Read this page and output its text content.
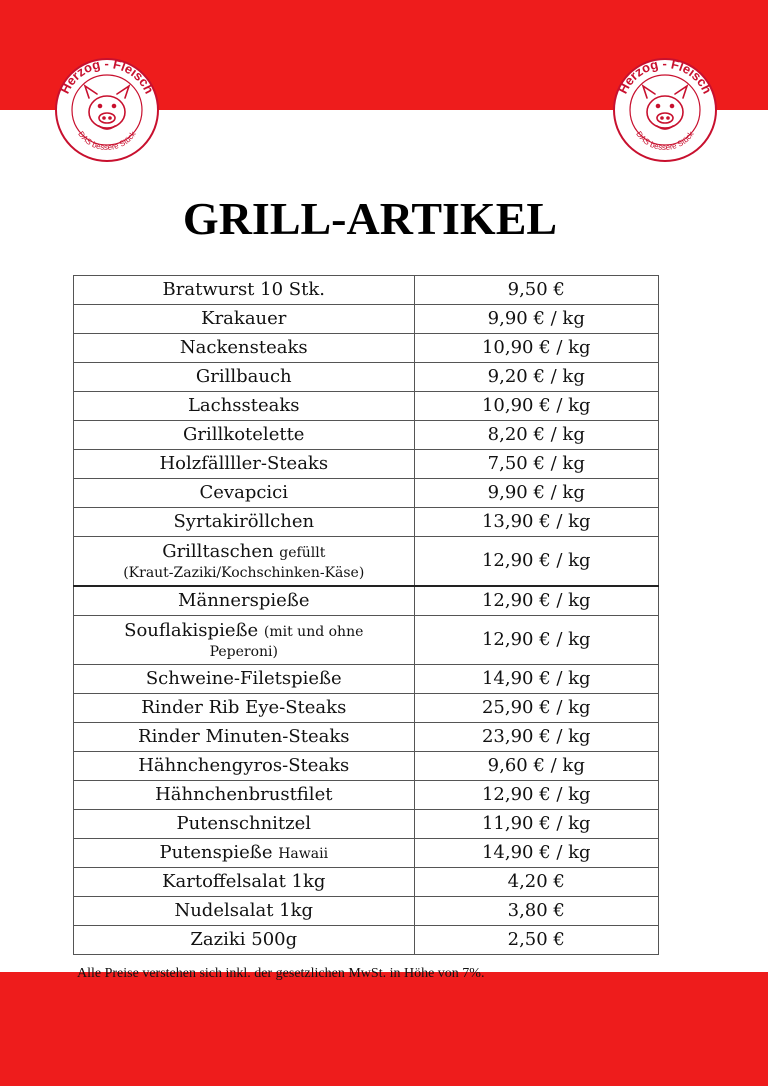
Herzog - Fleisch
DAS bessere Stück
Herzog - Fleisch
DAS bessere Stück
GRILL-ARTIKEL
Bratwurst 10 Stk.	9,50 €
Krakauer	9,90 € / kg
Nackensteaks	10,90 € / kg
Grillbauch	9,20 € / kg
Lachssteaks	10,90 € / kg
Grillkotelette	8,20 € / kg
Holzfällller-Steaks	7,50 € / kg
Cevapcici	9,90 € / kg
Syrtakiröllchen	13,90 € / kg
Grilltaschen gefüllt
(Kraut-Zaziki/Kochschinken-Käse)	12,90 € / kg
Männerspieße	12,90 € / kg
Souflakispieße (mit und ohne
Peperoni)	12,90 € / kg
Schweine-Filetspieße	14,90 € / kg
Rinder Rib Eye-Steaks	25,90 € / kg
Rinder Minuten-Steaks	23,90 € / kg
Hähnchengyros-Steaks	9,60 € / kg
Hähnchenbrustfilet	12,90 € / kg
Putenschnitzel	11,90 € / kg
Putenspieße Hawaii	14,90 € / kg
Kartoffelsalat 1kg	4,20 €
Nudelsalat 1kg	3,80 €
Zaziki 500g	2,50 €
Alle Preise verstehen sich inkl. der gesetzlichen MwSt. in Höhe von 7%.
